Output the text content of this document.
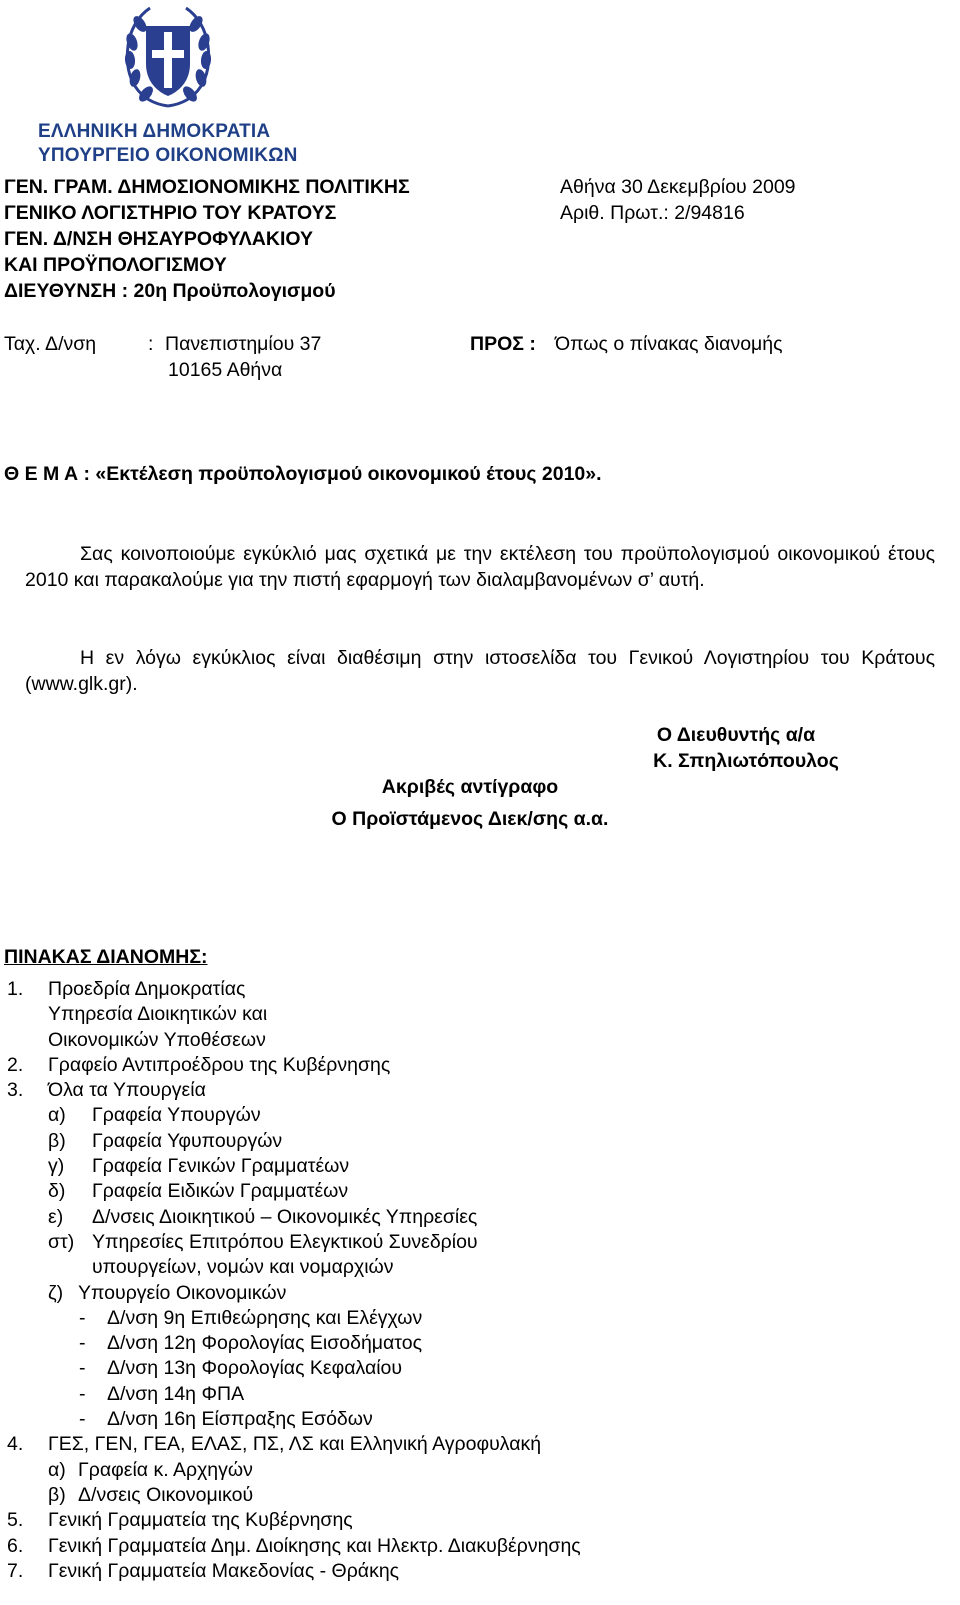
ΕΛΛΗΝΙΚΗ ΔΗΜΟΚΡΑΤΙΑ
ΥΠΟΥΡΓΕΙΟ ΟΙΚΟΝΟΜΙΚΩΝ
ΓΕΝ. ΓΡΑΜ. ΔΗΜΟΣΙΟΝΟΜΙΚΗΣ ΠΟΛΙΤΙΚΗΣ
ΓΕΝΙΚΟ ΛΟΓΙΣΤΗΡΙΟ ΤΟΥ ΚΡΑΤΟΥΣ
ΓΕΝ. Δ/ΝΣΗ ΘΗΣΑΥΡΟΦΥΛΑΚΙΟΥ
ΚΑΙ ΠΡΟΫΠΟΛΟΓΙΣΜΟΥ
ΔΙΕΥΘΥΝΣΗ : 20η Προϋπολογισμού
Αθήνα 30 Δεκεμβρίου 2009
Αριθ. Πρωτ.: 2/94816
Ταχ. Δ/νση	: Πανεπιστημίου 37
10165 Αθήνα
ΠΡΟΣ : Όπως ο πίνακας διανομής
Θ Ε Μ Α : «Εκτέλεση προϋπολογισμού οικονομικού έτους 2010».

Σας κοινοποιούμε εγκύκλιό μας σχετικά με την εκτέλεση του προϋπολογισμού οικονομικού έτους 2010 και παρακαλούμε για την πιστή εφαρμογή των διαλαμβανομένων σ’ αυτή.

Η εν λόγω εγκύκλιος είναι διαθέσιμη στην ιστοσελίδα του Γενικού Λογιστηρίου του Κράτους (www.glk.gr).

Ο Διευθυντής α/α
Κ. Σπηλιωτόπουλος
Ακριβές αντίγραφο
Ο Προϊστάμενος Διεκ/σης α.α.
ΠΙΝΑΚΑΣ ΔΙΑΝΟΜΗΣ:
1. Προεδρία Δημοκρατίας
Υπηρεσία Διοικητικών και
Οικονομικών Υποθέσεων
2. Γραφείο Αντιπροέδρου της Κυβέρνησης
3. Όλα τα Υπουργεία
α) Γραφεία Υπουργών
β) Γραφεία Υφυπουργών
γ) Γραφεία Γενικών Γραμματέων
δ) Γραφεία Ειδικών Γραμματέων
ε) Δ/νσεις Διοικητικού – Οικονομικές Υπηρεσίες
στ) Υπηρεσίες Επιτρόπου Ελεγκτικού Συνεδρίου
υπουργείων, νομών και νομαρχιών
ζ) Υπουργείο Οικονομικών
- Δ/νση 9η Επιθεώρησης και Ελέγχων
- Δ/νση 12η Φορολογίας Εισοδήματος
- Δ/νση 13η Φορολογίας Κεφαλαίου
- Δ/νση 14η ΦΠΑ
- Δ/νση 16η Είσπραξης Εσόδων
4. ΓΕΣ, ΓΕΝ, ΓΕΑ, ΕΛΑΣ, ΠΣ, ΛΣ και Ελληνική Αγροφυλακή
α) Γραφεία κ. Αρχηγών
β) Δ/νσεις Οικονομικού
5. Γενική Γραμματεία της Κυβέρνησης
6. Γενική Γραμματεία Δημ. Διοίκησης και Ηλεκτρ. Διακυβέρνησης
7. Γενική Γραμματεία Μακεδονίας - Θράκης
